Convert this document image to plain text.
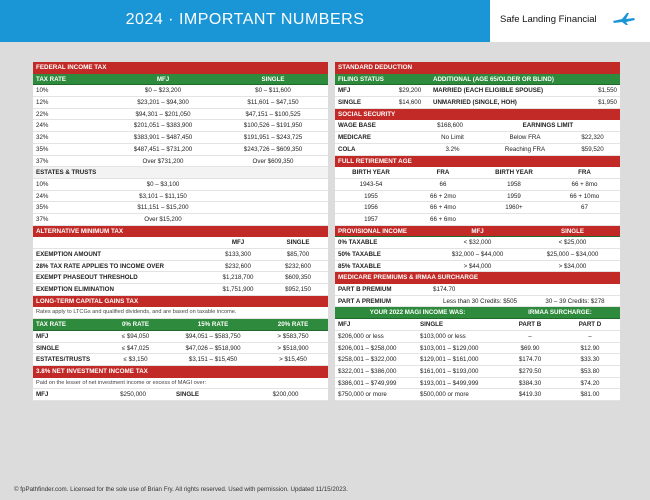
2024 · IMPORTANT NUMBERS	Safe Landing Financial
FEDERAL INCOME TAX
TAX RATE	MFJ	SINGLE
10%	$0 – $23,200	$0 – $11,600
12%	$23,201 – $94,300	$11,601 – $47,150
22%	$94,301 – $201,050	$47,151 – $100,525
24%	$201,051 – $383,900	$100,526 – $191,950
32%	$383,901 – $487,450	$191,951 – $243,725
35%	$487,451 – $731,200	$243,726 – $609,350
37%	Over $731,200	Over $609,350
ESTATES & TRUSTS
10%	$0 – $3,100
24%	$3,101 – $11,150
35%	$11,151 – $15,200
37%	Over $15,200
ALTERNATIVE MINIMUM TAX
MFJ	SINGLE
EXEMPTION AMOUNT	$133,300	$85,700
28% TAX RATE APPLIES TO INCOME OVER	$232,600	$232,600
EXEMPT PHASEOUT THRESHOLD	$1,218,700	$609,350
EXEMPTION ELIMINATION	$1,751,900	$952,150
LONG-TERM CAPITAL GAINS TAX
Rates apply to LTCGs and qualified dividends, and are based on taxable income.
TAX RATE	0% RATE	15% RATE	20% RATE
MFJ	≤ $94,050	$94,051 – $583,750	> $583,750
SINGLE	≤ $47,025	$47,026 – $518,900	> $518,900
ESTATES/TRUSTS	≤ $3,150	$3,151 – $15,450	> $15,450
3.8% NET INVESTMENT INCOME TAX
Paid on the lesser of net investment income or excess of MAGI over:
MFJ	$250,000	SINGLE	$200,000
STANDARD DEDUCTION
FILING STATUS	ADDITIONAL (AGE 65/OLDER OR BLIND)
MFJ	$29,200	MARRIED (EACH ELIGIBLE SPOUSE)	$1,550
SINGLE	$14,600	UNMARRIED (SINGLE, HOH)	$1,950
SOCIAL SECURITY
WAGE BASE	$168,600	EARNINGS LIMIT
MEDICARE	No Limit	Below FRA	$22,320
COLA	3.2%	Reaching FRA	$59,520
FULL RETIREMENT AGE
BIRTH YEAR	FRA	BIRTH YEAR	FRA
1943-54	66	1958	66 + 8mo
1955	66 + 2mo	1959	66 + 10mo
1956	66 + 4mo	1960+	67
1957	66 + 6mo
PROVISIONAL INCOME	MFJ	SINGLE
0% TAXABLE	< $32,000	< $25,000
50% TAXABLE	$32,000 – $44,000	$25,000 – $34,000
85% TAXABLE	> $44,000	> $34,000
MEDICARE PREMIUMS & IRMAA SURCHARGE
PART B PREMIUM	$174.70
PART A PREMIUM	Less than 30 Credits: $505	30 – 39 Credits: $278
YOUR 2022 MAGI INCOME WAS:	IRMAA SURCHARGE:
MFJ	SINGLE	PART B	PART D
$206,000 or less	$103,000 or less	–	–
$206,001 – $258,000	$103,001 – $129,000	$69.90	$12.90
$258,001 – $322,000	$129,001 – $161,000	$174.70	$33.30
$322,001 – $386,000	$161,001 – $193,000	$279.50	$53.80
$386,001 – $749,999	$193,001 – $499,999	$384.30	$74.20
$750,000 or more	$500,000 or more	$419.30	$81.00
© fpPathfinder.com. Licensed for the sole use of Brian Fry. All rights reserved. Used with permission. Updated 11/15/2023.
